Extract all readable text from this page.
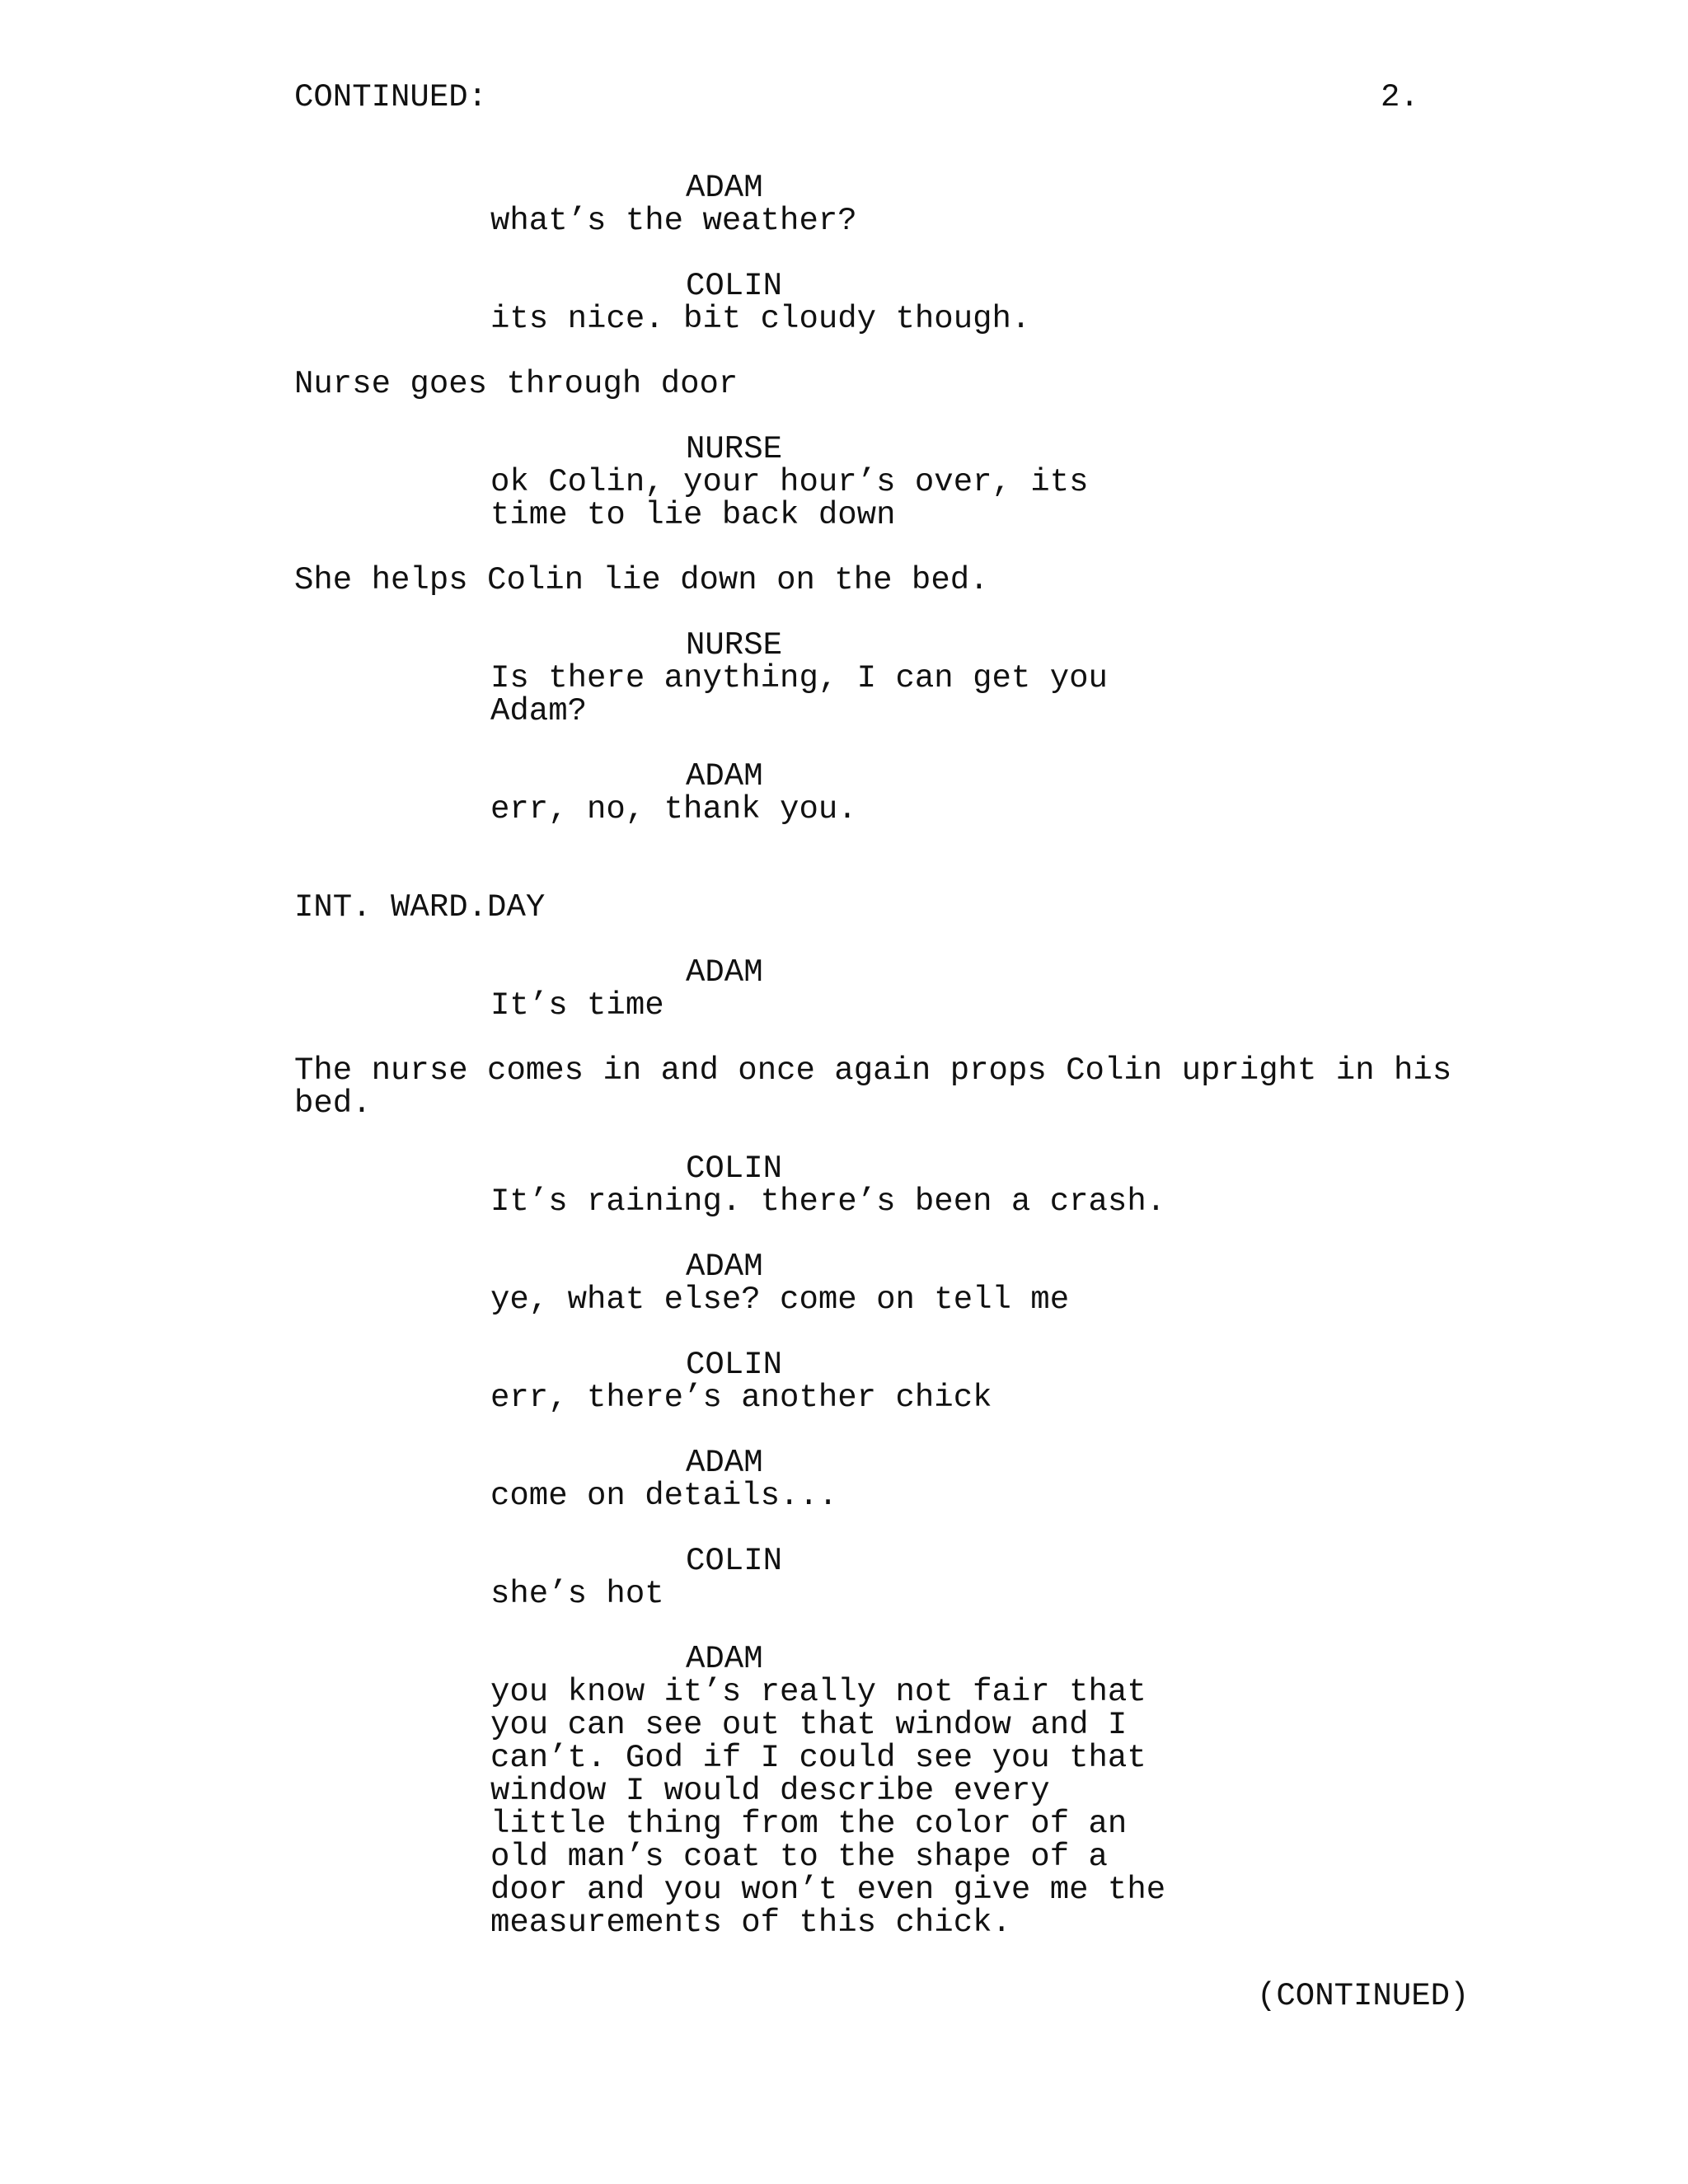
CONTINUED:	2.
ADAM
what’s the weather?
COLIN
its nice. bit cloudy though.
Nurse goes through door
NURSE
ok Colin, your hour’s over, its
time to lie back down
She helps Colin lie down on the bed.
NURSE
Is there anything, I can get you
Adam?
ADAM
err, no, thank you.
INT. WARD.DAY
ADAM
It’s time
The nurse comes in and once again props Colin upright in his
bed.
COLIN
It’s raining. there’s been a crash.
ADAM
ye, what else? come on tell me
COLIN
err, there’s another chick
ADAM
come on details...
COLIN
she’s hot
ADAM
you know it’s really not fair that
you can see out that window and I
can’t. God if I could see you that
window I would describe every
little thing from the color of an
old man’s coat to the shape of a
door and you won’t even give me the
measurements of this chick.
(CONTINUED)
